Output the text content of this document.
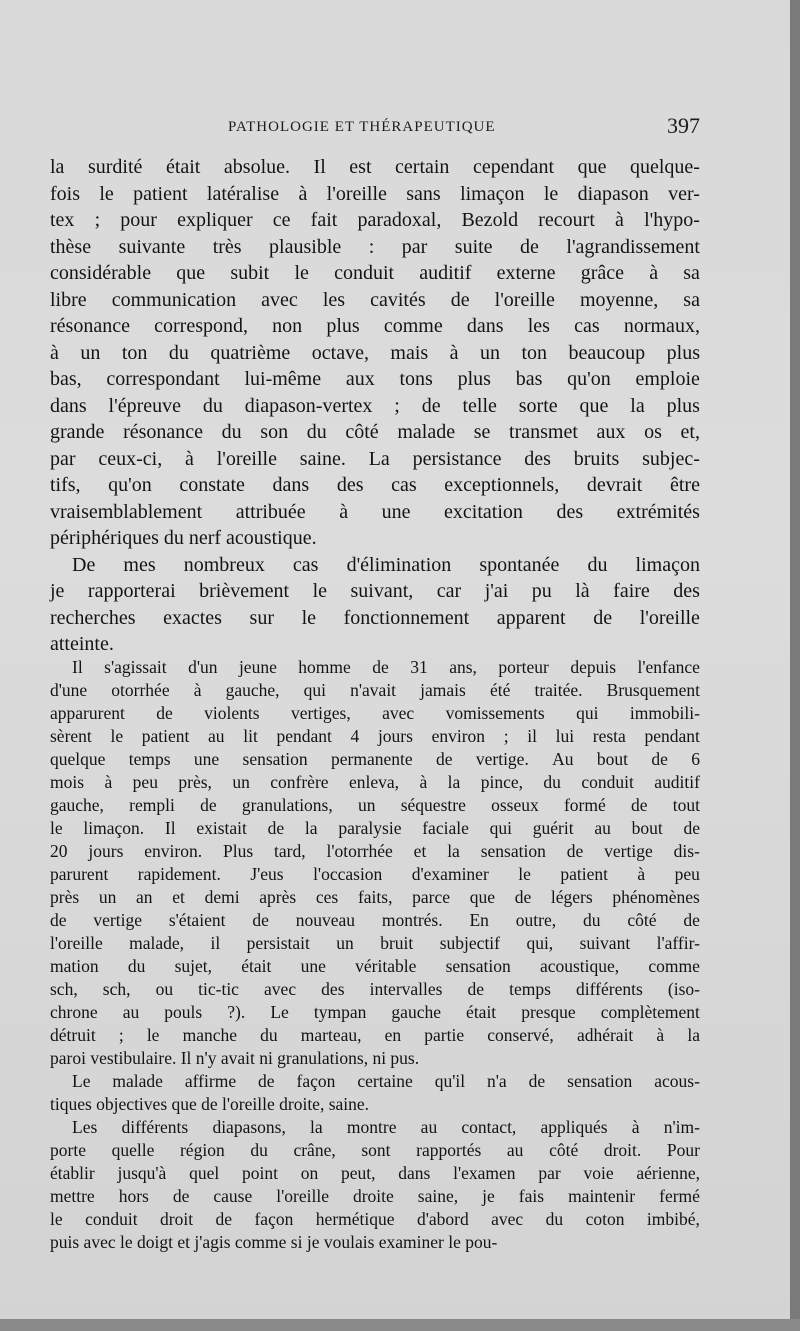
PATHOLOGIE ET THÉRAPEUTIQUE	397
la surdité était absolue. Il est certain cependant que quelque-
fois le patient latéralise à l'oreille sans limaçon le diapason ver-
tex ; pour expliquer ce fait paradoxal, Bezold recourt à l'hypo-
thèse suivante très plausible : par suite de l'agrandissement
considérable que subit le conduit auditif externe grâce à sa
libre communication avec les cavités de l'oreille moyenne, sa
résonance correspond, non plus comme dans les cas normaux,
à un ton du quatrième octave, mais à un ton beaucoup plus
bas, correspondant lui-même aux tons plus bas qu'on emploie
dans l'épreuve du diapason-vertex ; de telle sorte que la plus
grande résonance du son du côté malade se transmet aux os et,
par ceux-ci, à l'oreille saine. La persistance des bruits subjec-
tifs, qu'on constate dans des cas exceptionnels, devrait être
vraisemblablement attribuée à une excitation des extrémités
périphériques du nerf acoustique.
De mes nombreux cas d'élimination spontanée du limaçon
je rapporterai brièvement le suivant, car j'ai pu là faire des
recherches exactes sur le fonctionnement apparent de l'oreille
atteinte.
Il s'agissait d'un jeune homme de 31 ans, porteur depuis l'enfance
d'une otorrhée à gauche, qui n'avait jamais été traitée. Brusquement
apparurent de violents vertiges, avec vomissements qui immobili-
sèrent le patient au lit pendant 4 jours environ ; il lui resta pendant
quelque temps une sensation permanente de vertige. Au bout de 6
mois à peu près, un confrère enleva, à la pince, du conduit auditif
gauche, rempli de granulations, un séquestre osseux formé de tout
le limaçon. Il existait de la paralysie faciale qui guérit au bout de
20 jours environ. Plus tard, l'otorrhée et la sensation de vertige dis-
parurent rapidement. J'eus l'occasion d'examiner le patient à peu
près un an et demi après ces faits, parce que de légers phénomènes
de vertige s'étaient de nouveau montrés. En outre, du côté de
l'oreille malade, il persistait un bruit subjectif qui, suivant l'affir-
mation du sujet, était une véritable sensation acoustique, comme
sch, sch, ou tic-tic avec des intervalles de temps différents (iso-
chrone au pouls ?). Le tympan gauche était presque complètement
détruit ; le manche du marteau, en partie conservé, adhérait à la
paroi vestibulaire. Il n'y avait ni granulations, ni pus.
Le malade affirme de façon certaine qu'il n'a de sensation acous-
tiques objectives que de l'oreille droite, saine.
Les différents diapasons, la montre au contact, appliqués à n'im-
porte quelle région du crâne, sont rapportés au côté droit. Pour
établir jusqu'à quel point on peut, dans l'examen par voie aérienne,
mettre hors de cause l'oreille droite saine, je fais maintenir fermé
le conduit droit de façon hermétique d'abord avec du coton imbibé,
puis avec le doigt et j'agis comme si je voulais examiner le pou-
